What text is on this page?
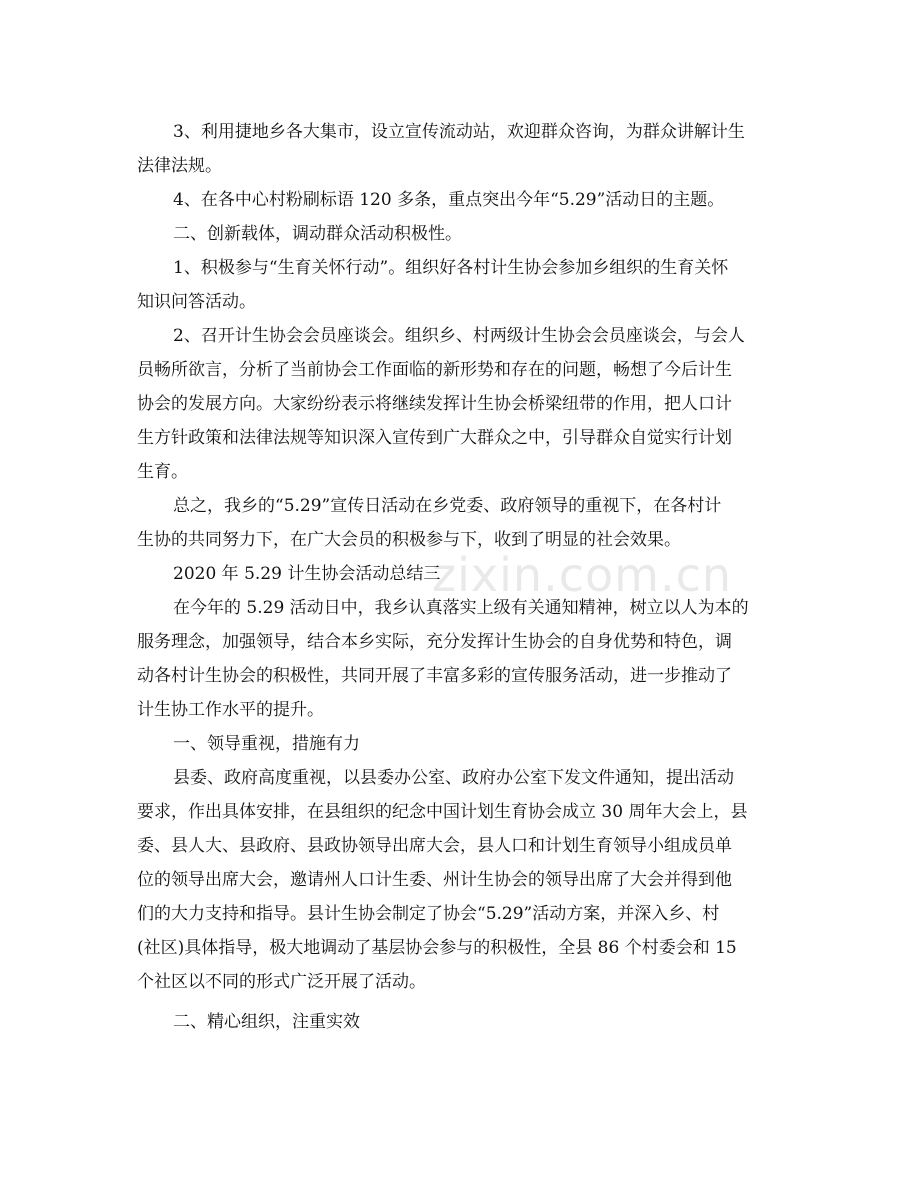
zixin.com.cn

3、利用捷地乡各大集市，设立宣传流动站，欢迎群众咨询，为群众讲解计生
法律法规。

4、在各中心村粉刷标语 120 多条，重点突出今年“5.29”活动日的主题。

二、创新载体，调动群众活动积极性。

1、积极参与“生育关怀行动”。组织好各村计生协会参加乡组织的生育关怀
知识问答活动。

2、召开计生协会会员座谈会。组织乡、村两级计生协会会员座谈会，与会人
员畅所欲言，分析了当前协会工作面临的新形势和存在的问题，畅想了今后计生
协会的发展方向。大家纷纷表示将继续发挥计生协会桥梁纽带的作用，把人口计
生方针政策和法律法规等知识深入宣传到广大群众之中，引导群众自觉实行计划
生育。

总之，我乡的“5.29”宣传日活动在乡党委、政府领导的重视下，在各村计
生协的共同努力下，在广大会员的积极参与下，收到了明显的社会效果。

2020 年 5.29 计生协会活动总结三

在今年的 5.29 活动日中，我乡认真落实上级有关通知精神，树立以人为本的
服务理念，加强领导，结合本乡实际，充分发挥计生协会的自身优势和特色，调
动各村计生协会的积极性，共同开展了丰富多彩的宣传服务活动，进一步推动了
计生协工作水平的提升。

一、领导重视，措施有力

县委、政府高度重视，以县委办公室、政府办公室下发文件通知，提出活动
要求，作出具体安排，在县组织的纪念中国计划生育协会成立 30 周年大会上，县
委、县人大、县政府、县政协领导出席大会，县人口和计划生育领导小组成员单
位的领导出席大会，邀请州人口计生委、州计生协会的领导出席了大会并得到他
们的大力支持和指导。县计生协会制定了协会“5.29”活动方案，并深入乡、村
(社区)具体指导，极大地调动了基层协会参与的积极性，全县 86 个村委会和 15
个社区以不同的形式广泛开展了活动。

二、精心组织，注重实效
